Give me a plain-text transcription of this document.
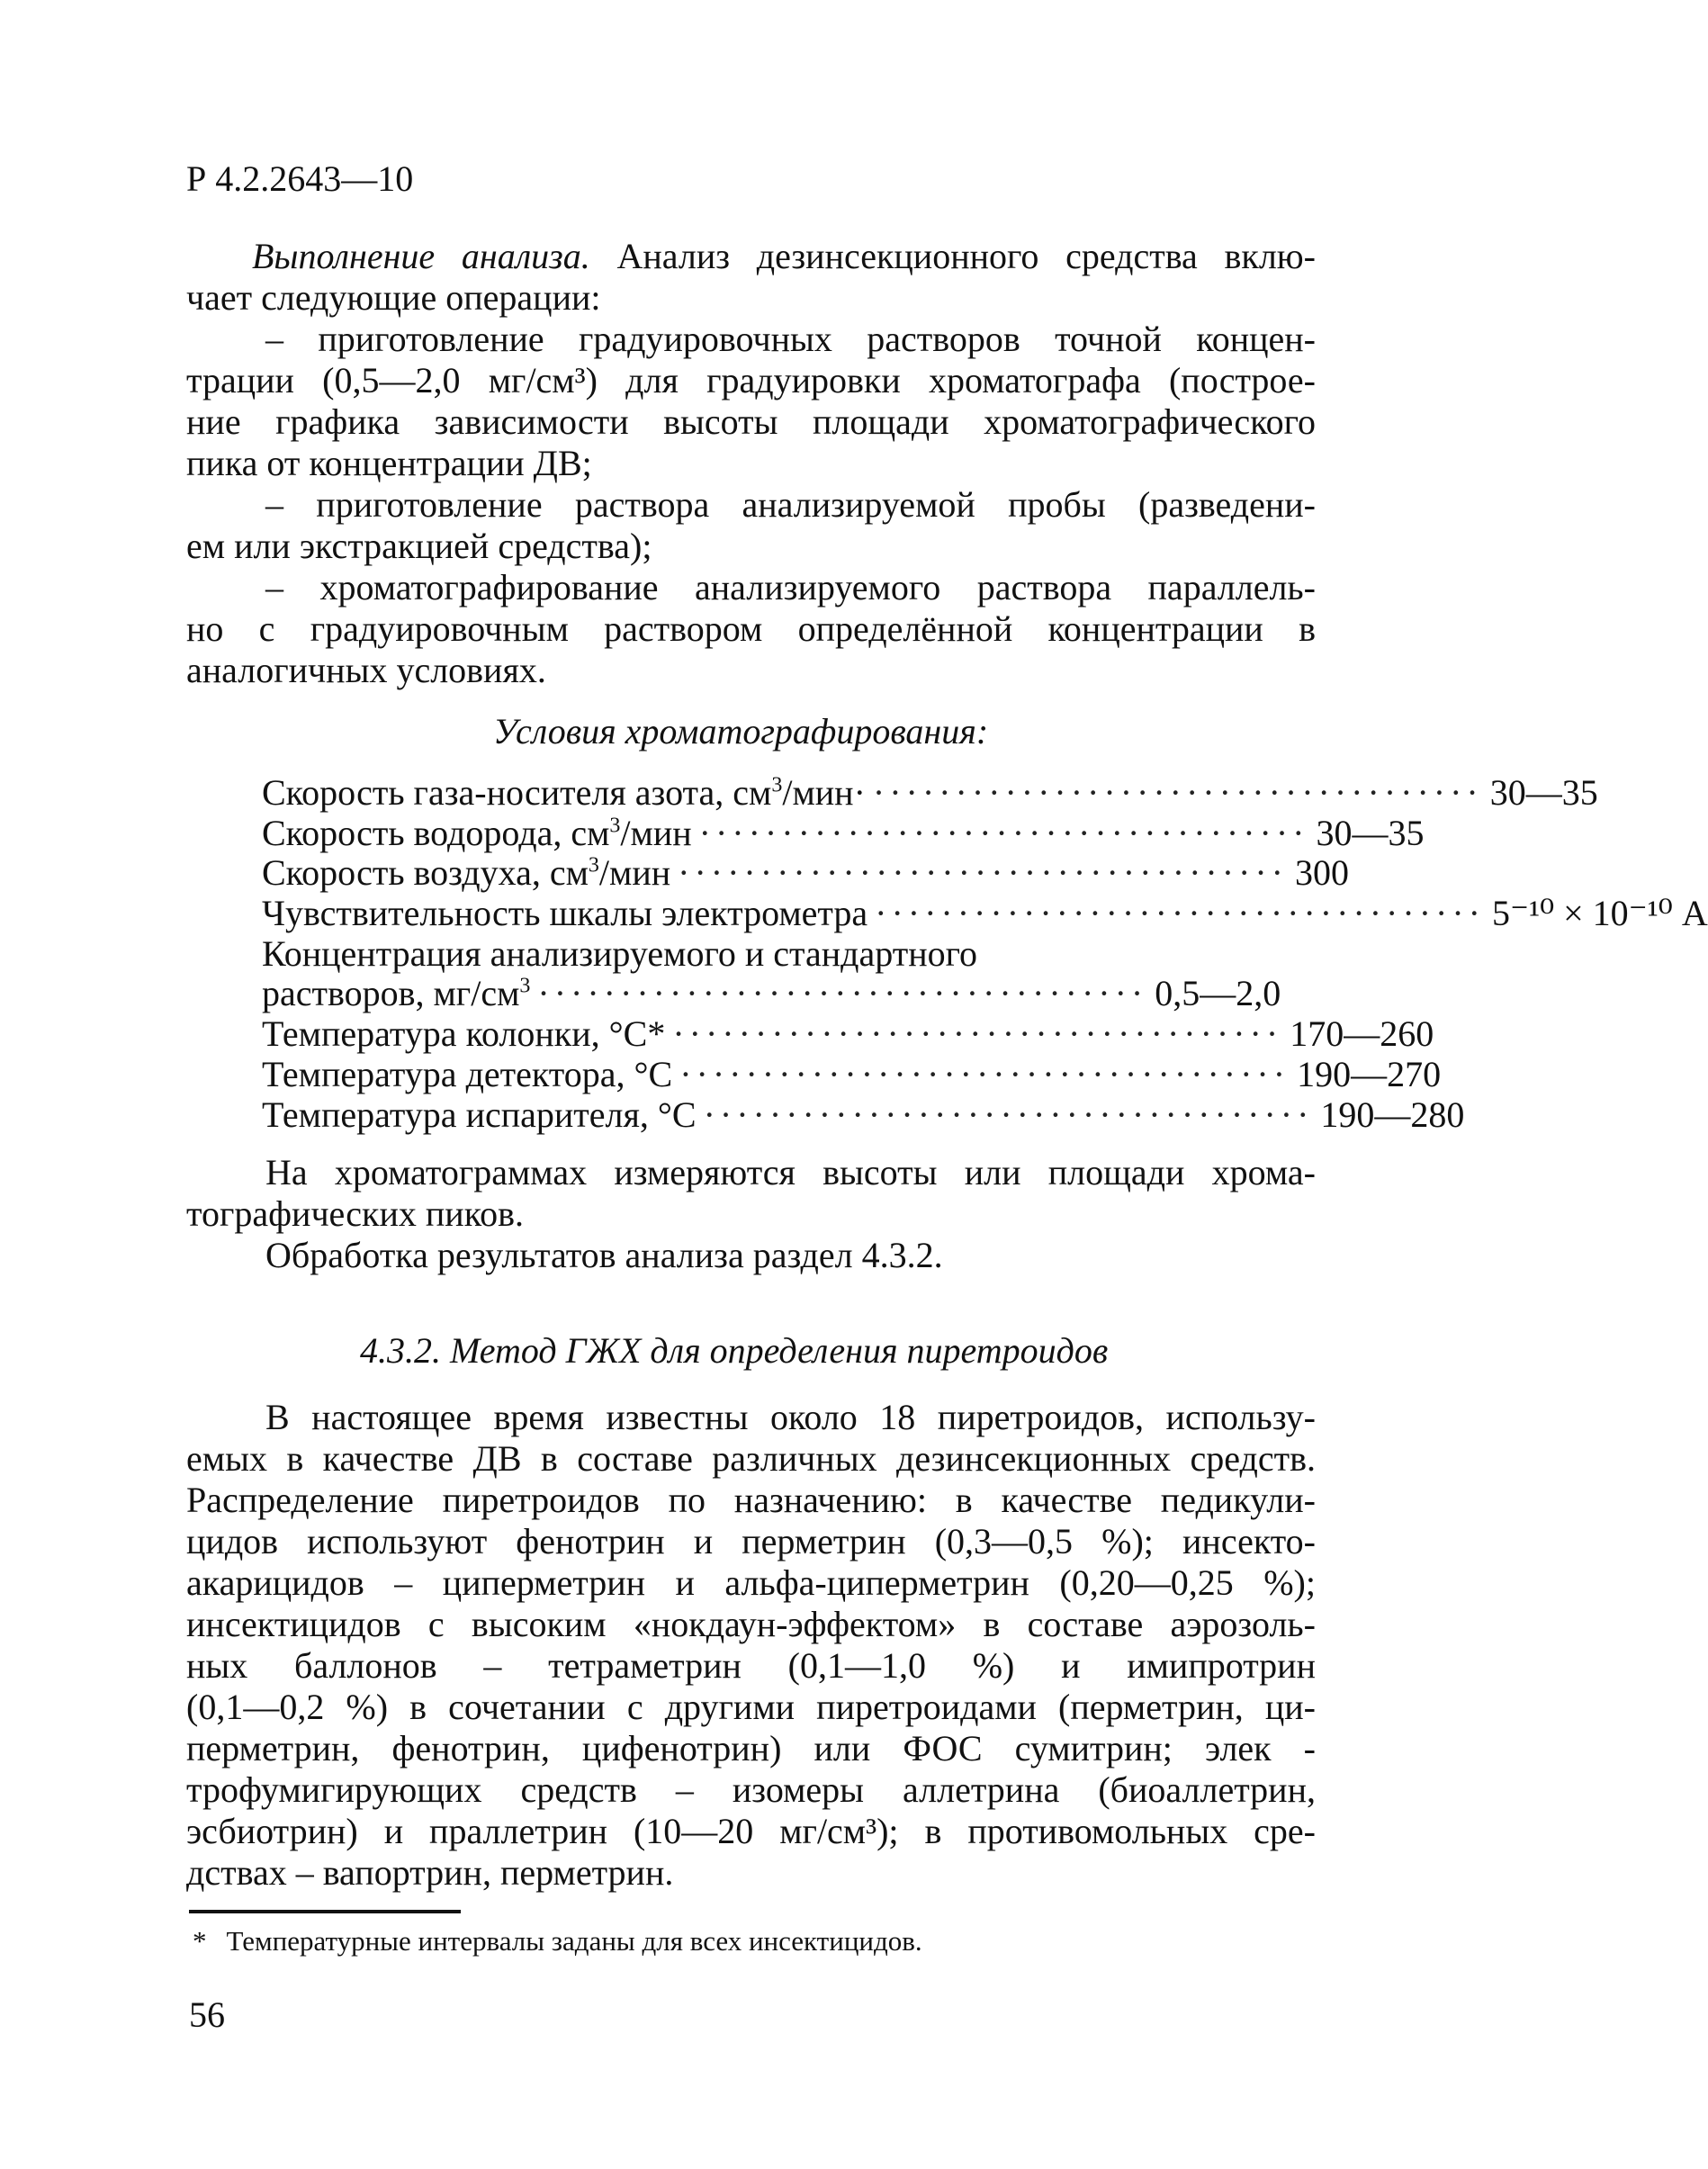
Р 4.2.2643—10

Выполнение анализа. Анализ дезинсекционного средства вклю-

чает следующие операции:

– приготовление градуировочных растворов точной концен-

трации (0,5—2,0 мг/см³) для градуировки хроматографа (построе-

ние графика зависимости высоты площади хроматографического

пика от концентрации ДВ;

– приготовление раствора анализируемой пробы (разведени-

ем или экстракцией средства);

– хроматографирование анализируемого раствора параллель-

но с градуировочным раствором определённой концентрации в

аналогичных условиях.

Условия хроматографирования:
Скорость газа-носителя азота, $см^3/мин\cdot$ ····································· 30—35
Скорость водорода, $см^3$/мин ····································· 30—35
Скорость воздуха, $см^3$/мин ····································· 300
Чувствительность шкалы электрометра ····································· 5⁻¹⁰ × 10⁻¹⁰ А
Концентрация анализируемого и стандартного
растворов, $мг/см^3$ ····································· 0,5—2,0
Температура колонки, °С* ····································· 170—260
Температура детектора, °С ····································· 190—270
Температура испарителя, °С ····································· 190—280

На хроматограммах измеряются высоты или площади хрома-

тографических пиков.

Обработка результатов анализа раздел 4.3.2.

4.3.2. Метод ГЖХ для определения пиретроидов

В настоящее время известны около 18 пиретроидов, использу-

емых в качестве ДВ в составе различных дезинсекционных средств.

Распределение пиретроидов по назначению: в качестве педикули-

цидов используют фенотрин и перметрин (0,3—0,5 %); инсекто-

акарицидов – циперметрин и альфа-циперметрин (0,20—0,25 %);

инсектицидов с высоким «нокдаун-эффектом» в составе аэрозоль-

ных баллонов – тетраметрин (0,1—1,0 %) и имипротрин

(0,1—0,2 %) в сочетании с другими пиретроидами (перметрин, ци-

перметрин, фенотрин, цифенотрин) или ФОС сумитрин; элек -

трофумигирующих средств – изомеры аллетрина (биоаллетрин,

эсбиотрин) и праллетрин (10—20 мг/см³); в противомольных сре-

дствах – вапортрин, перметрин.

* Температурные интервалы заданы для всех инсектицидов.
56
